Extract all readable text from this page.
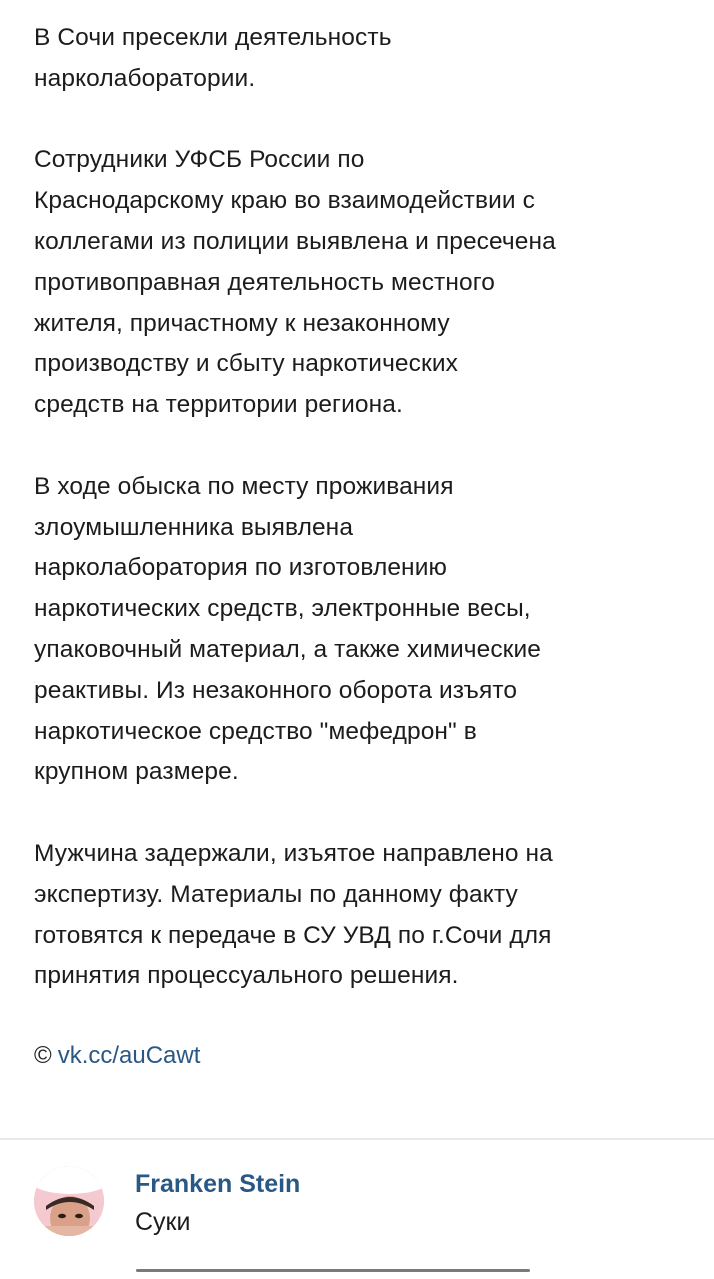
В Сочи пресекли деятельность
нарколаборатории.

Сотрудники УФСБ России по
Краснодарскому краю во взаимодействии с
коллегами из полиции выявлена и пресечена
противоправная деятельность местного
жителя, причастному к незаконному
производству и сбыту наркотических
средств на территории региона.

В ходе обыска по месту проживания
злоумышленника выявлена
нарколаборатория по изготовлению
наркотических средств, электронные весы,
упаковочный материал, а также химические
реактивы. Из незаконного оборота изъято
наркотическое средство "мефедрон" в
крупном размере.

Мужчина задержали, изъятое направлено на
экспертизу. Материалы по данному факту
готовятся к передаче в СУ УВД по г.Сочи для
принятия процессуального решения.

© vk.cc/auCawt
Franken Stein
Суки
